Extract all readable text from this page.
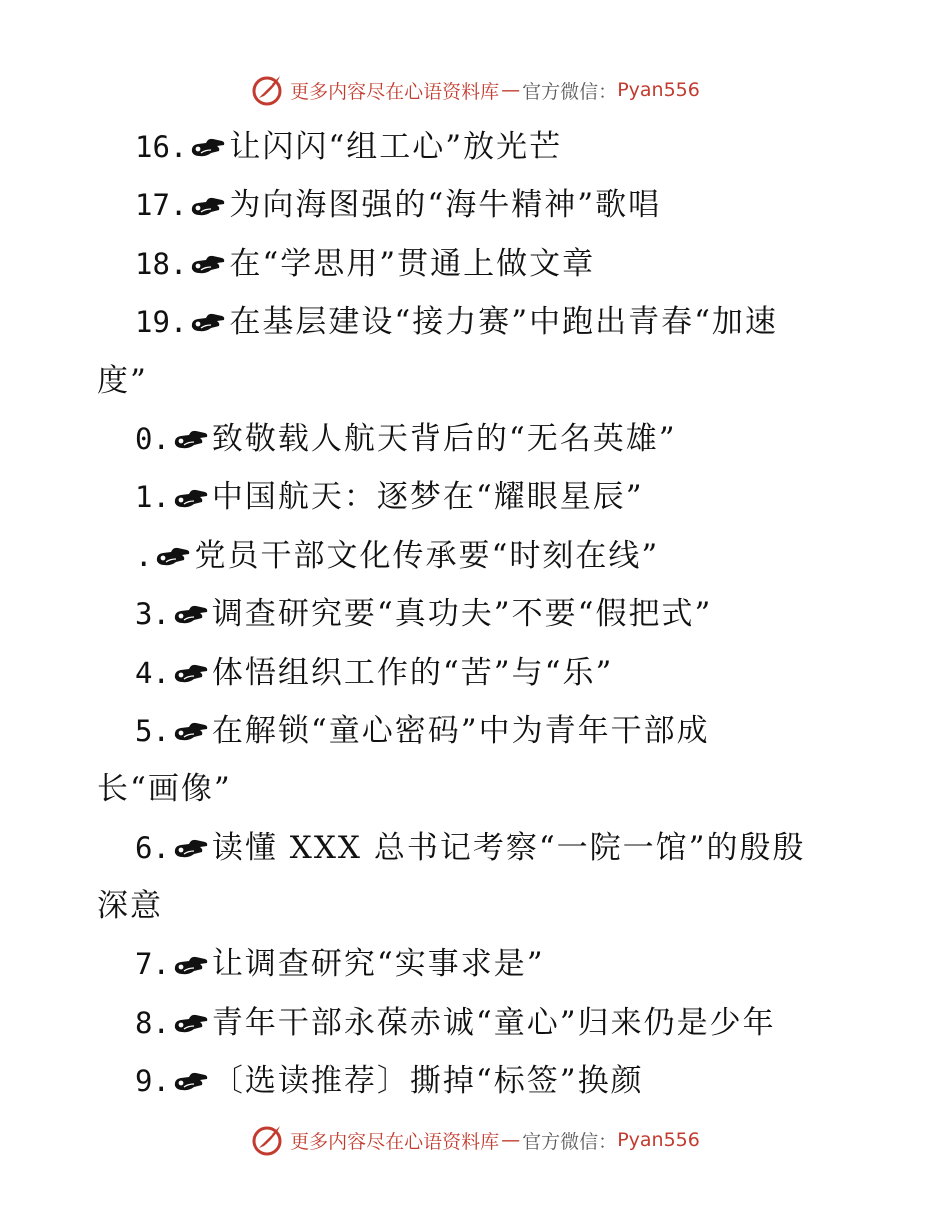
更多内容尽在心语资料库 — 官方微信： Pyan556
16. 让闪闪“组工心”放光芒
17. 为向海图强的“海牛精神”歌唱
18. 在“学思用”贯通上做文章
19. 在基层建设“接力赛”中跑出青春“加速
度”
0. 致敬载人航天背后的“无名英雄”
1. 中国航天：逐梦在“耀眼星辰”
. 党员干部文化传承要“时刻在线”
3. 调查研究要“真功夫”不要“假把式”
4. 体悟组织工作的“苦”与“乐”
5. 在解锁“童心密码”中为青年干部成
长“画像”
6. 读懂 XXX 总书记考察“一院一馆”的殷殷
深意
7. 让调查研究“实事求是”
8. 青年干部永葆赤诚“童心”归来仍是少年
9. 〔选读推荐〕撕掉“标签”换颜
更多内容尽在心语资料库 — 官方微信： Pyan556
